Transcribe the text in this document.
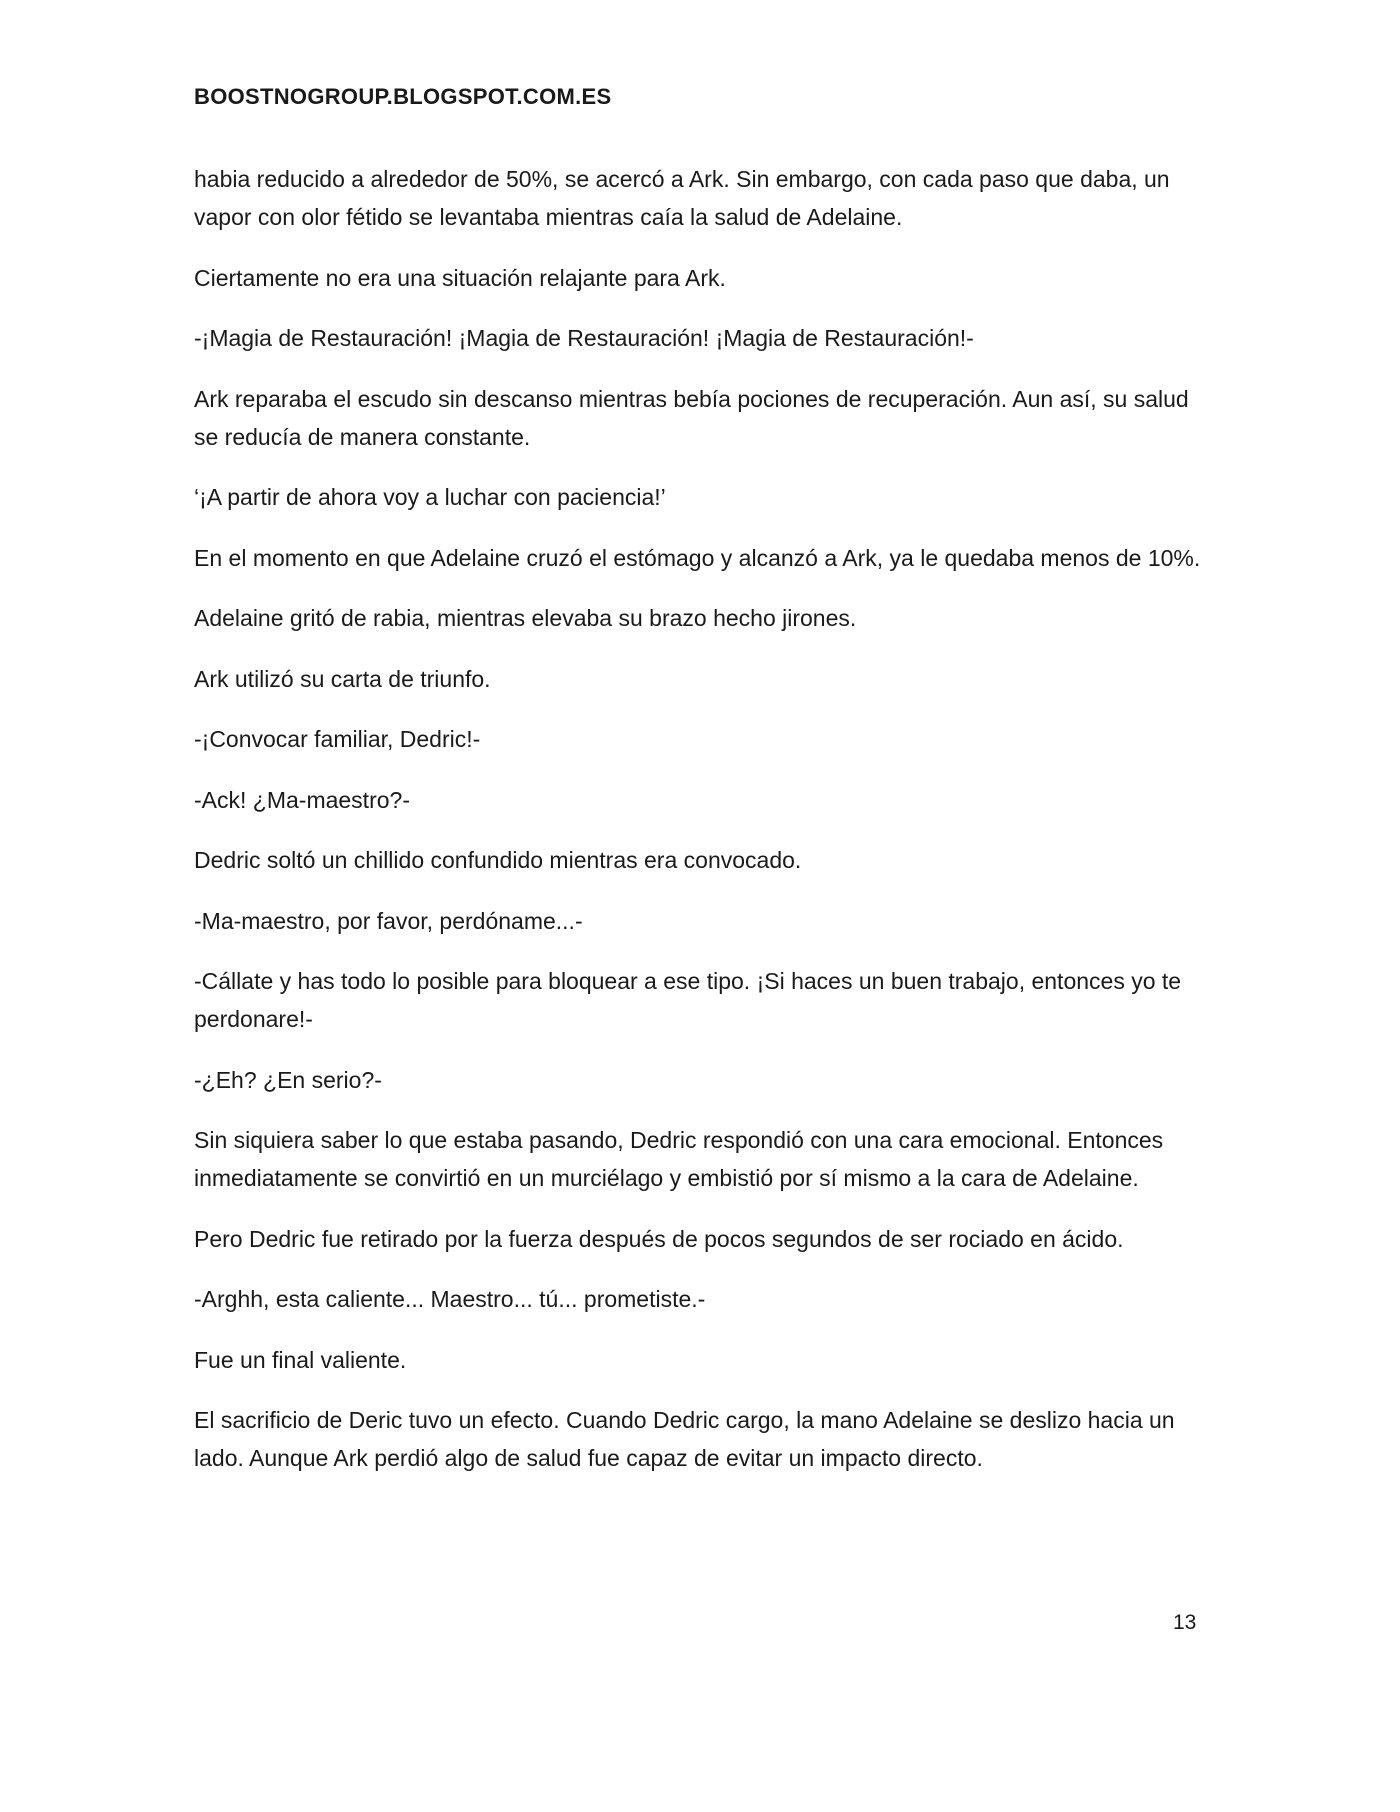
BOOSTNOGROUP.BLOGSPOT.COM.ES

habia reducido a alrededor de 50%, se acercó a Ark. Sin embargo, con cada paso que daba, un vapor con olor fétido se levantaba mientras caía la salud de Adelaine.

Ciertamente no era una situación relajante para Ark.

-¡Magia de Restauración! ¡Magia de Restauración! ¡Magia de Restauración!-

Ark reparaba el escudo sin descanso mientras bebía pociones de recuperación. Aun así, su salud se reducía de manera constante.

‘¡A partir de ahora voy a luchar con paciencia!’

En el momento en que Adelaine cruzó el estómago y alcanzó a Ark, ya le quedaba menos de 10%.

Adelaine gritó de rabia, mientras elevaba su brazo hecho jirones.

Ark utilizó su carta de triunfo.

-¡Convocar familiar, Dedric!-

-Ack! ¿Ma-maestro?-

Dedric soltó un chillido confundido mientras era convocado.

-Ma-maestro, por favor, perdóname...-

-Cállate y has todo lo posible para bloquear a ese tipo. ¡Si haces un buen trabajo, entonces yo te perdonare!-

-¿Eh? ¿En serio?-

Sin siquiera saber lo que estaba pasando, Dedric respondió con una cara emocional. Entonces inmediatamente se convirtió en un murciélago y embistió por sí mismo a la cara de Adelaine.

Pero Dedric fue retirado por la fuerza después de pocos segundos de ser rociado en ácido.

-Arghh, esta caliente... Maestro... tú... prometiste.-

Fue un final valiente.

El sacrificio de Deric tuvo un efecto. Cuando Dedric cargo, la mano Adelaine se deslizo hacia un lado. Aunque Ark perdió algo de salud fue capaz de evitar un impacto directo.

13
